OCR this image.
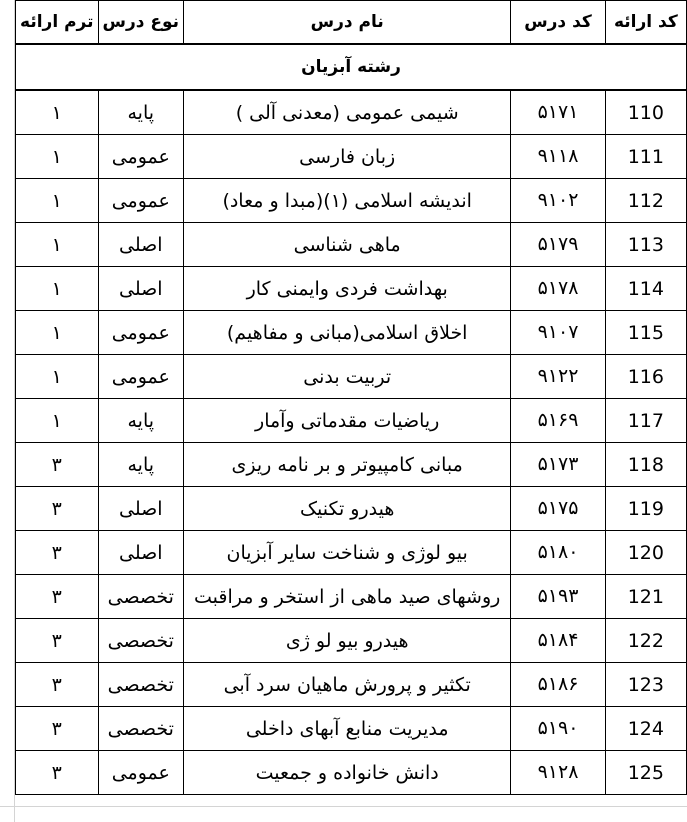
کد ارائه	کد درس	نام درس	نوع درس	ترم ارائه
رشته آبزیان				
110	۵۱۷۱	شیمی عمومی (معدنی آلی )	پایه	۱
111	۹۱۱۸	زبان فارسی	عمومی	۱
112	۹۱۰۲	اندیشه اسلامی (۱)(مبدا و معاد)	عمومی	۱
113	۵۱۷۹	ماهی شناسی	اصلی	۱
114	۵۱۷۸	بهداشت فردی وایمنی کار	اصلی	۱
115	۹۱۰۷	اخلاق اسلامی(مبانی و مفاهیم)	عمومی	۱
116	۹۱۲۲	تربیت بدنی	عمومی	۱
117	۵۱۶۹	ریاضیات مقدماتی وآمار	پایه	۱
118	۵۱۷۳	مبانی کامپیوتر و بر نامه ریزی	پایه	۳
119	۵۱۷۵	هیدرو تکنیک	اصلی	۳
120	۵۱۸۰	بیو لوژی و شناخت سایر آبزیان	اصلی	۳
121	۵۱۹۳	روشهای صید ماهی از استخر و مراقبت	تخصصی	۳
122	۵۱۸۴	هیدرو بیو لو ژی	تخصصی	۳
123	۵۱۸۶	تکثیر و پرورش ماهیان سرد آبی	تخصصی	۳
124	۵۱۹۰	مدیریت منابع آبهای داخلی	تخصصی	۳
125	۹۱۲۸	دانش خانواده و جمعیت	عمومی	۳
